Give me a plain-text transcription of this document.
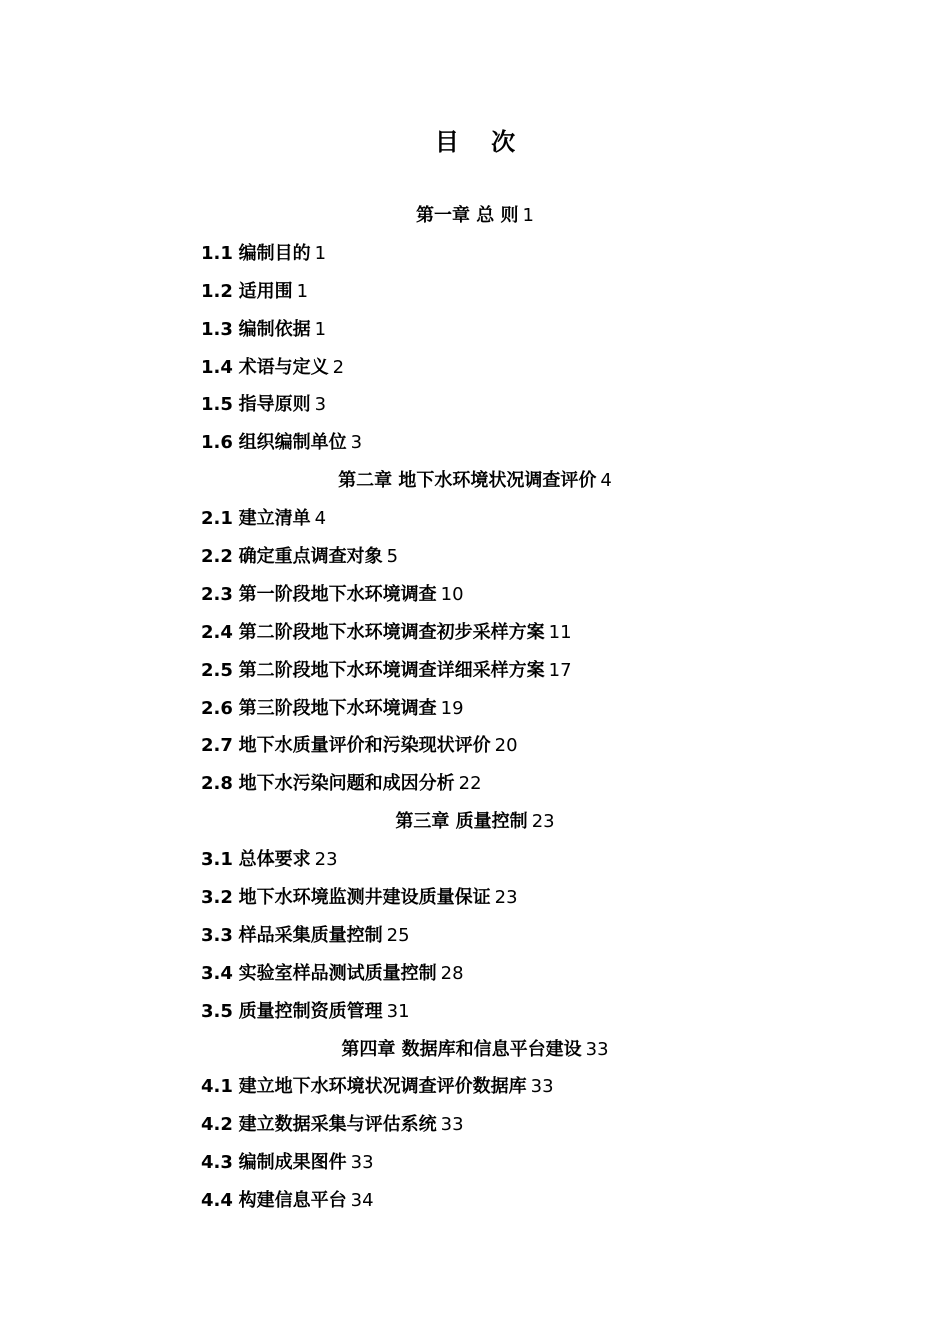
目 次
第一章 总 则 1
1.1 编制目的 1
1.2 适用围 1
1.3 编制依据 1
1.4 术语与定义 2
1.5 指导原则 3
1.6 组织编制单位 3
第二章 地下水环境状况调查评价 4
2.1 建立清单 4
2.2 确定重点调查对象 5
2.3 第一阶段地下水环境调查 10
2.4 第二阶段地下水环境调查初步采样方案 11
2.5 第二阶段地下水环境调查详细采样方案 17
2.6 第三阶段地下水环境调查 19
2.7 地下水质量评价和污染现状评价 20
2.8 地下水污染问题和成因分析 22
第三章 质量控制 23
3.1 总体要求 23
3.2 地下水环境监测井建设质量保证 23
3.3 样品采集质量控制 25
3.4 实验室样品测试质量控制 28
3.5 质量控制资质管理 31
第四章 数据库和信息平台建设 33
4.1 建立地下水环境状况调查评价数据库 33
4.2 建立数据采集与评估系统 33
4.3 编制成果图件 33
4.4 构建信息平台 34
